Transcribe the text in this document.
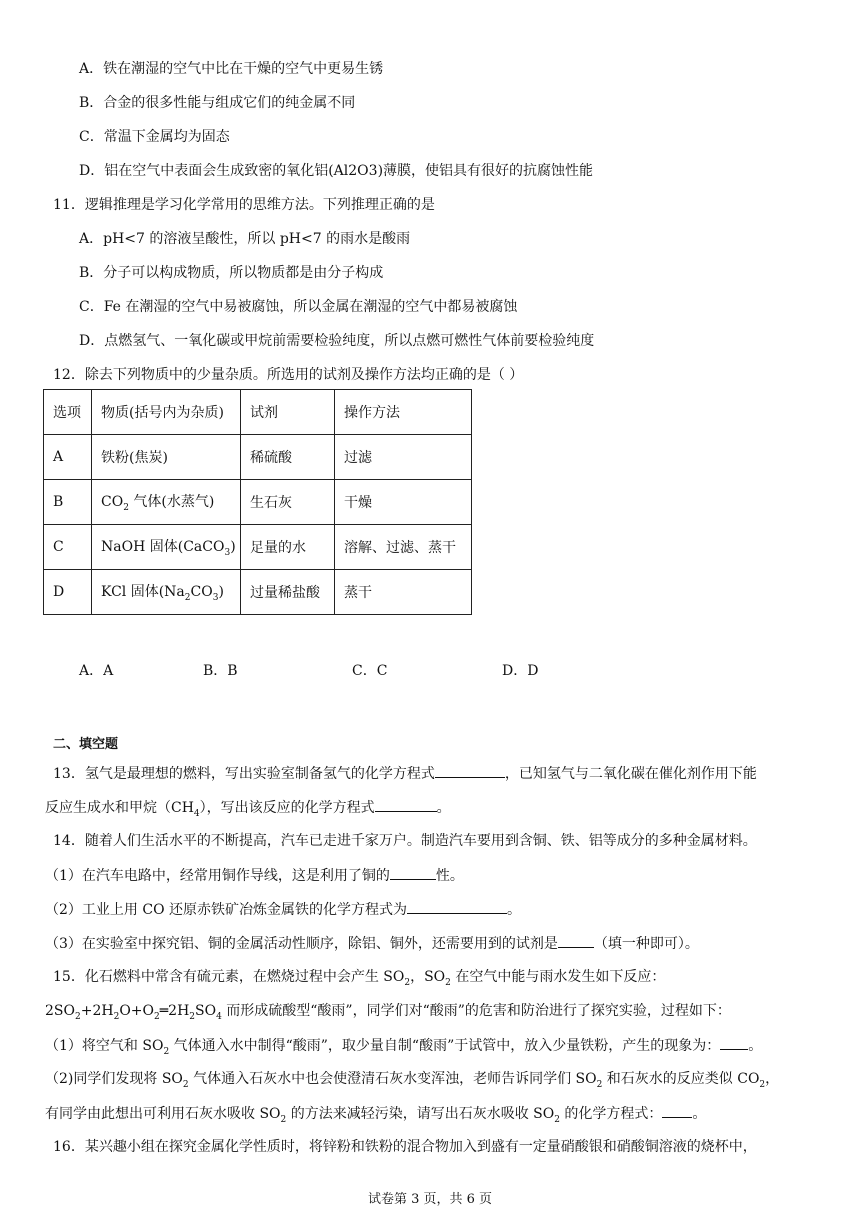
A．铁在潮湿的空气中比在干燥的空气中更易生锈
B．合金的很多性能与组成它们的纯金属不同
C．常温下金属均为固态
D．铝在空气中表面会生成致密的氧化铝(Al2O3)薄膜，使铝具有很好的抗腐蚀性能
11．逻辑推理是学习化学常用的思维方法。下列推理正确的是
A．pH<7 的溶液呈酸性，所以 pH<7 的雨水是酸雨
B．分子可以构成物质，所以物质都是由分子构成
C．Fe 在潮湿的空气中易被腐蚀，所以金属在潮湿的空气中都易被腐蚀
D．点燃氢气、一氧化碳或甲烷前需要检验纯度，所以点燃可燃性气体前要检验纯度
12．除去下列物质中的少量杂质。所选用的试剂及操作方法均正确的是（ ）
选项	物质(括号内为杂质)	试剂	操作方法
A	铁粉(焦炭)	稀硫酸	过滤
B	$CO_2$ 气体(水蒸气)	生石灰	干燥
C	NaOH 固体(CaCO$_3$)	足量的水	溶解、过滤、蒸干
D	KCl 固体$(Na_2CO_3)$	过量稀盐酸	蒸干
A．A	B．B	C．C	D．D
二、填空题
13．氢气是最理想的燃料，写出实验室制备氢气的化学方程式	，已知氢气与二氧化碳在催化剂作用下能
反应生成水和甲烷$(CH_4)$，写出该反应的化学方程式	。
14．随着人们生活水平的不断提高，汽车已走进千家万户。制造汽车要用到含铜、铁、铝等成分的多种金属材料。
（1）在汽车电路中，经常用铜作导线，这是利用了铜的	性。
（2）工业上用 CO 还原赤铁矿冶炼金属铁的化学方程式为	。
（3）在实验室中探究铝、铜的金属活动性顺序，除铝、铜外，还需要用到的试剂是	（填一种即可）。
15．化石燃料中常含有硫元素，在燃烧过程中会产生 $SO_2$，$SO_2$ 在空气中能与雨水发生如下反应：
$2SO_2+2H_2O+O_2═2H_2SO_4$ 而形成硫酸型“酸雨”，同学们对“酸雨”的危害和防治进行了探究实验，过程如下：
（1）将空气和 $SO_2$ 气体通入水中制得“酸雨”，取少量自制“酸雨”于试管中，放入少量铁粉，产生的现象为： 。
（2)同学们发现将 $SO_2$ 气体通入石灰水中也会使澄清石灰水变浑浊，老师告诉同学们 $SO_2$ 和石灰水的反应类似 $CO_2$，
有同学由此想出可利用石灰水吸收 $SO_2$ 的方法来减轻污染，请写出石灰水吸收 $SO_2$ 的化学方程式： 。
16．某兴趣小组在探究金属化学性质时，将锌粉和铁粉的混合物加入到盛有一定量硝酸银和硝酸铜溶液的烧杯中，
试卷第 3 页，共 6 页
